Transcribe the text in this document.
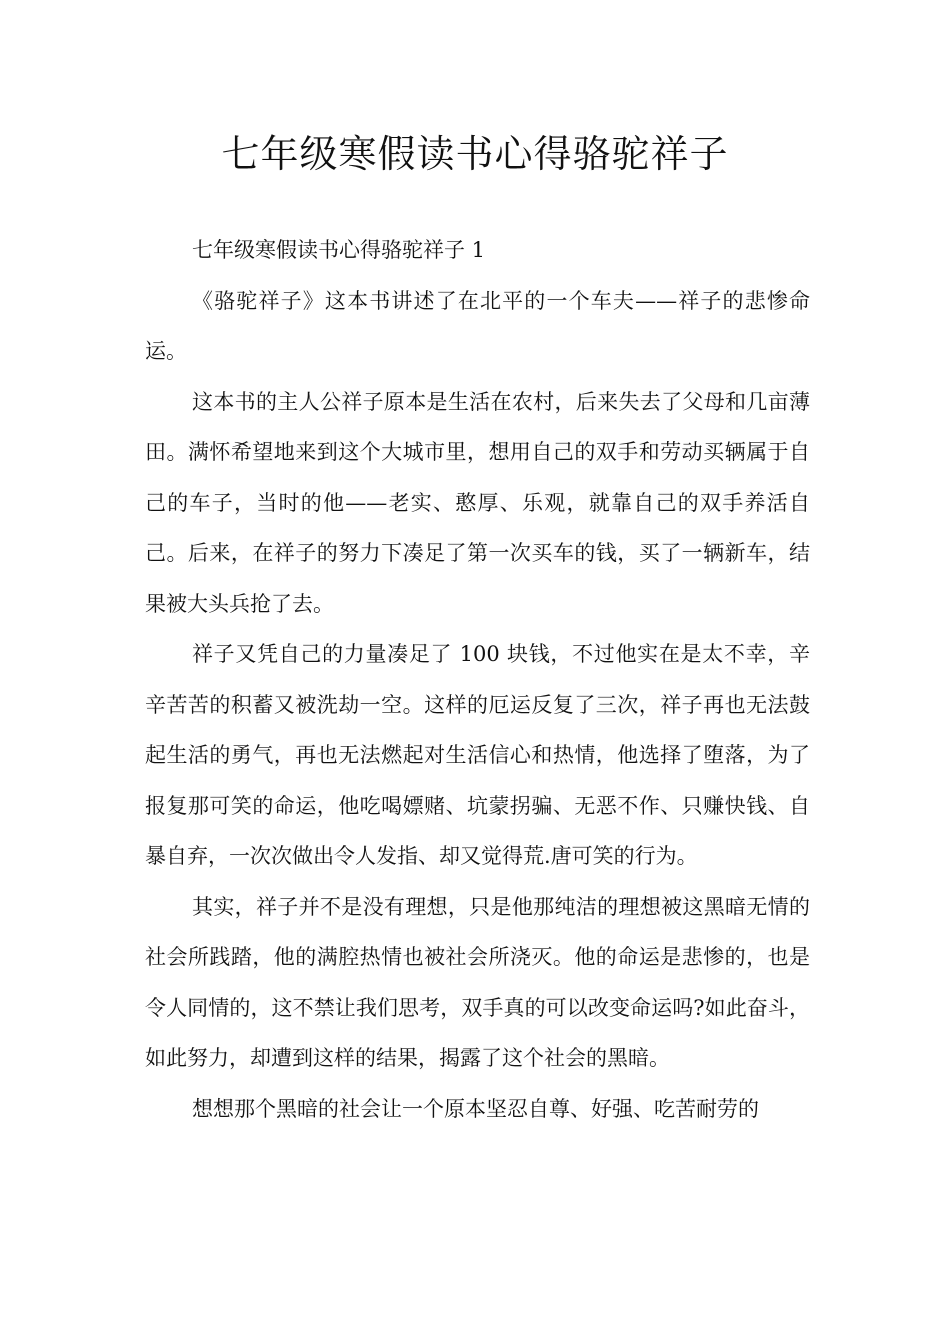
七年级寒假读书心得骆驼祥子

七年级寒假读书心得骆驼祥子 1

《骆驼祥子》这本书讲述了在北平的一个车夫——祥子的悲惨命运。

这本书的主人公祥子原本是生活在农村，后来失去了父母和几亩薄田。满怀希望地来到这个大城市里，想用自己的双手和劳动买辆属于自己的车子，当时的他——老实、憨厚、乐观，就靠自己的双手养活自己。后来，在祥子的努力下凑足了第一次买车的钱，买了一辆新车，结果被大头兵抢了去。

祥子又凭自己的力量凑足了 100 块钱，不过他实在是太不幸，辛辛苦苦的积蓄又被洗劫一空。这样的厄运反复了三次，祥子再也无法鼓起生活的勇气，再也无法燃起对生活信心和热情，他选择了堕落，为了报复那可笑的命运，他吃喝嫖赌、坑蒙拐骗、无恶不作、只赚快钱、自暴自弃，一次次做出令人发指、却又觉得荒.唐可笑的行为。

其实，祥子并不是没有理想，只是他那纯洁的理想被这黑暗无情的社会所践踏，他的满腔热情也被社会所浇灭。他的命运是悲惨的，也是令人同情的，这不禁让我们思考，双手真的可以改变命运吗?如此奋斗，如此努力，却遭到这样的结果，揭露了这个社会的黑暗。

想想那个黑暗的社会让一个原本坚忍自尊、好强、吃苦耐劳的
